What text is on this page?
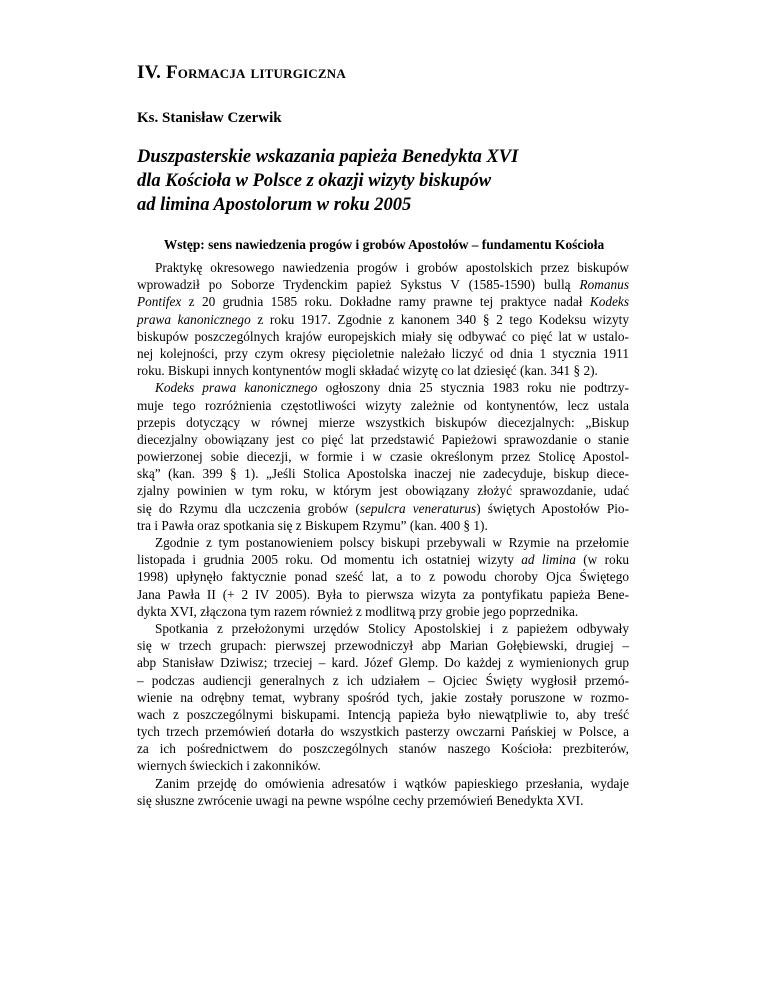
IV. Formacja liturgiczna
Ks. Stanisław Czerwik
Duszpasterskie wskazania papieża Benedykta XVI
dla Kościoła w Polsce z okazji wizyty biskupów
ad limina Apostolorum w roku 2005
Wstęp: sens nawiedzenia progów i grobów Apostołów – fundamentu Kościoła
Praktykę okresowego nawiedzenia progów i grobów apostolskich przez biskupów
wprowadził po Soborze Trydenckim papież Sykstus V (1585-1590) bullą Romanus
Pontifex z 20 grudnia 1585 roku. Dokładne ramy prawne tej praktyce nadał Kodeks
prawa kanonicznego z roku 1917. Zgodnie z kanonem 340 § 2 tego Kodeksu wizyty
biskupów poszczególnych krajów europejskich miały się odbywać co pięć lat w ustalo-
nej kolejności, przy czym okresy pięcioletnie należało liczyć od dnia 1 stycznia 1911
roku. Biskupi innych kontynentów mogli składać wizytę co lat dziesięć (kan. 341 § 2).
Kodeks prawa kanonicznego ogłoszony dnia 25 stycznia 1983 roku nie podtrzy-
muje tego rozróżnienia częstotliwości wizyty zależnie od kontynentów, lecz ustala
przepis dotyczący w równej mierze wszystkich biskupów diecezjalnych: „Biskup
diecezjalny obowiązany jest co pięć lat przedstawić Papieżowi sprawozdanie o stanie
powierzonej sobie diecezji, w formie i w czasie określonym przez Stolicę Apostol-
ską” (kan. 399 § 1). „Jeśli Stolica Apostolska inaczej nie zadecyduje, biskup diece-
zjalny powinien w tym roku, w którym jest obowiązany złożyć sprawozdanie, udać
się do Rzymu dla uczczenia grobów (sepulcra veneraturus) świętych Apostołów Pio-
tra i Pawła oraz spotkania się z Biskupem Rzymu” (kan. 400 § 1).
Zgodnie z tym postanowieniem polscy biskupi przebywali w Rzymie na przełomie
listopada i grudnia 2005 roku. Od momentu ich ostatniej wizyty ad limina (w roku
1998) upłynęło faktycznie ponad sześć lat, a to z powodu choroby Ojca Świętego
Jana Pawła II (+ 2 IV 2005). Była to pierwsza wizyta za pontyfikatu papieża Bene-
dykta XVI, złączona tym razem również z modlitwą przy grobie jego poprzednika.
Spotkania z przełożonymi urzędów Stolicy Apostolskiej i z papieżem odbywały
się w trzech grupach: pierwszej przewodniczył abp Marian Gołębiewski, drugiej –
abp Stanisław Dziwisz; trzeciej – kard. Józef Glemp. Do każdej z wymienionych grup
– podczas audiencji generalnych z ich udziałem – Ojciec Święty wygłosił przemó-
wienie na odrębny temat, wybrany spośród tych, jakie zostały poruszone w rozmo-
wach z poszczególnymi biskupami. Intencją papieża było niewątpliwie to, aby treść
tych trzech przemówień dotarła do wszystkich pasterzy owczarni Pańskiej w Polsce, a
za ich pośrednictwem do poszczególnych stanów naszego Kościoła: prezbiterów,
wiernych świeckich i zakonników.
Zanim przejdę do omówienia adresatów i wątków papieskiego przesłania, wydaje
się słuszne zwrócenie uwagi na pewne wspólne cechy przemówień Benedykta XVI.
